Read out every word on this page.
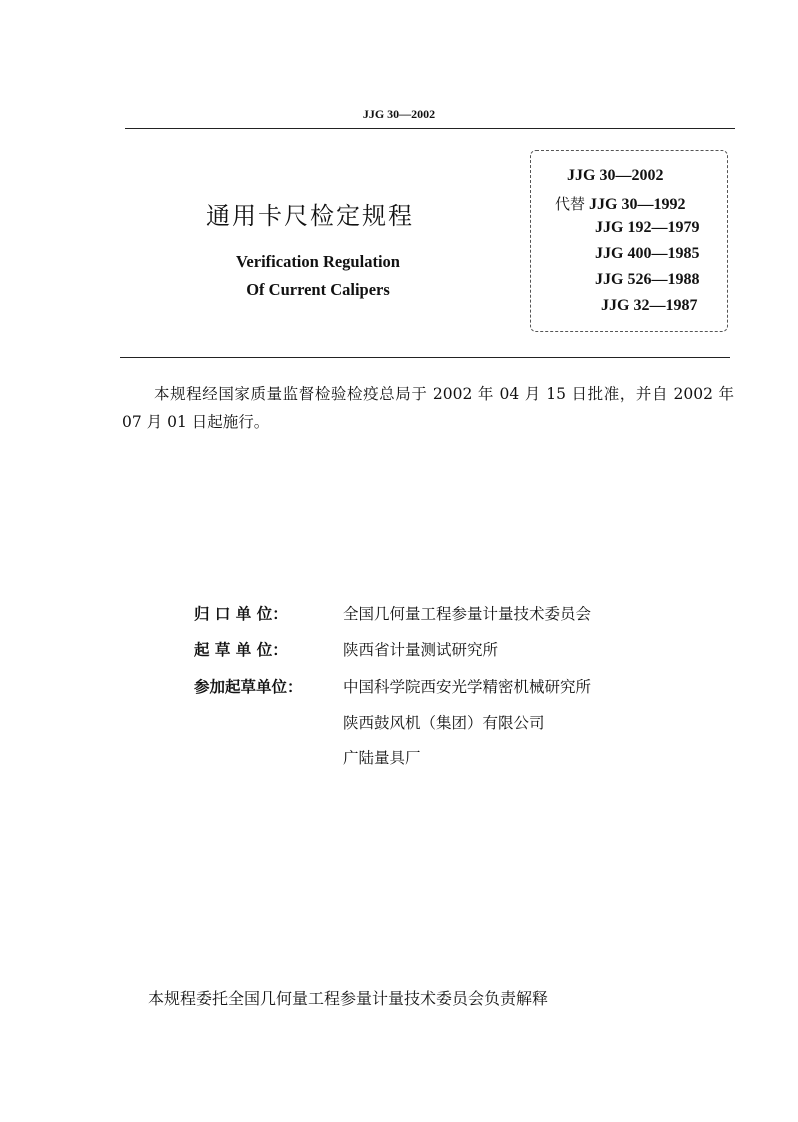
JJG 30—2002
通用卡尺检定规程
Verification Regulation
Of Current Calipers
JJG 30—2002
代替 JJG 30—1992
JJG 192—1979
JJG 400—1985
JJG 526—1988
JJG 32—1987
本规程经国家质量监督检验检疫总局于 2002 年 04 月 15 日批准，并自 2002 年 07 月 01 日起施行。
归 口 单 位：	全国几何量工程参量计量技术委员会
起 草 单 位：	陕西省计量测试研究所
参加起草单位：	中国科学院西安光学精密机械研究所
陕西鼓风机（集团）有限公司
广陆量具厂
本规程委托全国几何量工程参量计量技术委员会负责解释
